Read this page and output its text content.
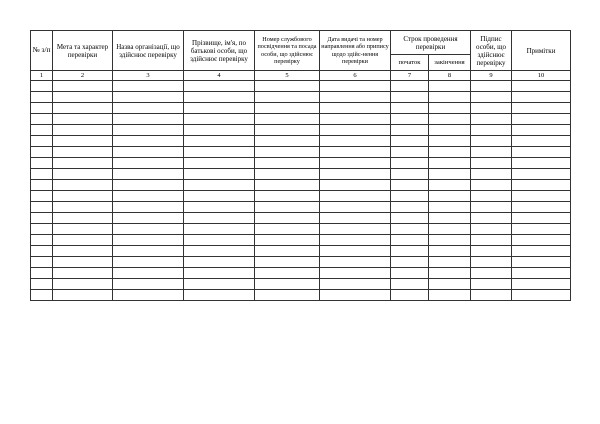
№ з/п	Мета та характер перевірки	Назва організації, що здійснює перевірку	Прізвище, ім'я, по батькові особи, що здійснює перевірку	Номер службового посвідчення та посада особи, що здійснює перевірку	Дата видачі та номер направлення або припису щодо здійс-нення перевірки	Строк проведення перевірки		Підпис особи, що здійснює перевірку	Примітки
						початок	закінчення		
1	2	3	4	5	6	7	8	9	10
